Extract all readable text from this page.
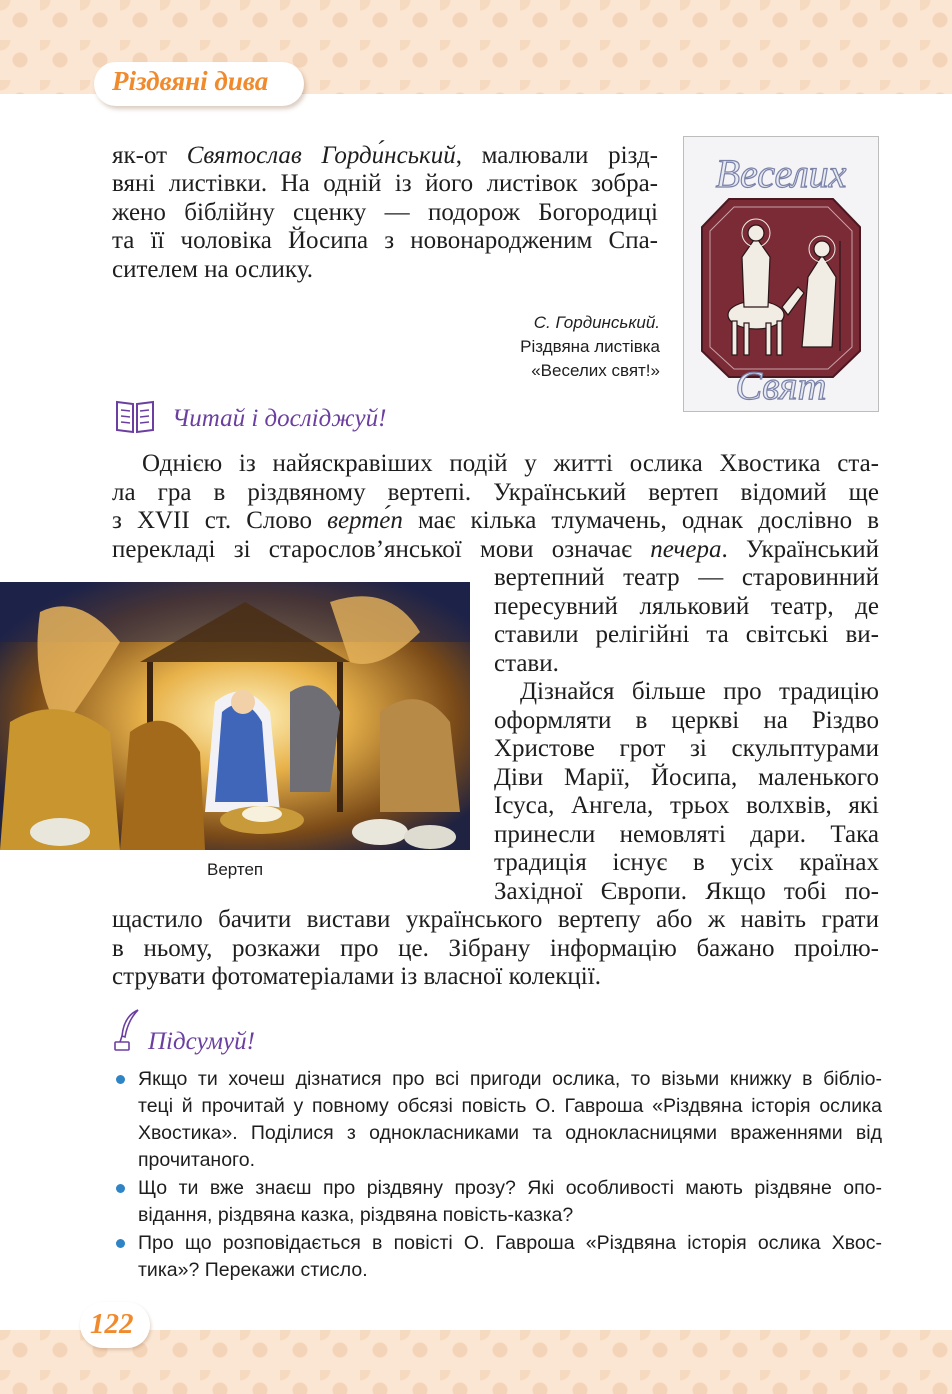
Різдвяні дива
як-от Святослав Горди́нський, малювали різд-
вяні листівки. На одній із його листівок зобра-
жено біблійну сценку — подорож Богородиці
та її чоловіка Йосипа з новонародженим Спа-
сителем на ослику.
Веселих
Свят
С. Гординський.
Різдвяна листівка
«Веселих свят!»
Читай і досліджуй!
Однією із найяскравіших подій у житті ослика Хвостика ста-
ла гра в різдвяному вертепі. Український вертеп відомий ще
з XVII ст. Слово верте́п має кілька тлумачень, однак дослівно в
перекладі зі старослов’янської мови означає печера. Український
Вертеп
вертепний театр — старовинний
пересувний ляльковий театр, де
ставили релігійні та світські ви-
стави.
Дізнайся більше про традицію
оформляти в церкві на Різдво
Христове грот зі скульптурами
Діви Марії, Йосипа, маленького
Ісуса, Ангела, трьох волхвів, які
принесли немовляті дари. Така
традиція існує в усіх країнах
Західної Європи. Якщо тобі по-
щастило бачити вистави українського вертепу або ж навіть грати
в ньому, розкажи про це. Зібрану інформацію бажано проілю-
струвати фотоматеріалами із власної колекції.
Підсумуй!
Якщо ти хочеш дізнатися про всі пригоди ослика, то візьми книжку в бібліо-
теці й прочитай у повному обсязі повість О. Гавроша «Різдвяна історія ослика
Хвостика». Поділися з однокласниками та однокласницями враженнями від
прочитаного.
Що ти вже знаєш про різдвяну прозу? Які особливості мають різдвяне опо-
відання, різдвяна казка, різдвяна повість-казка?
Про що розповідається в повісті О. Гавроша «Різдвяна історія ослика Хвос-
тика»? Перекажи стисло.
122
